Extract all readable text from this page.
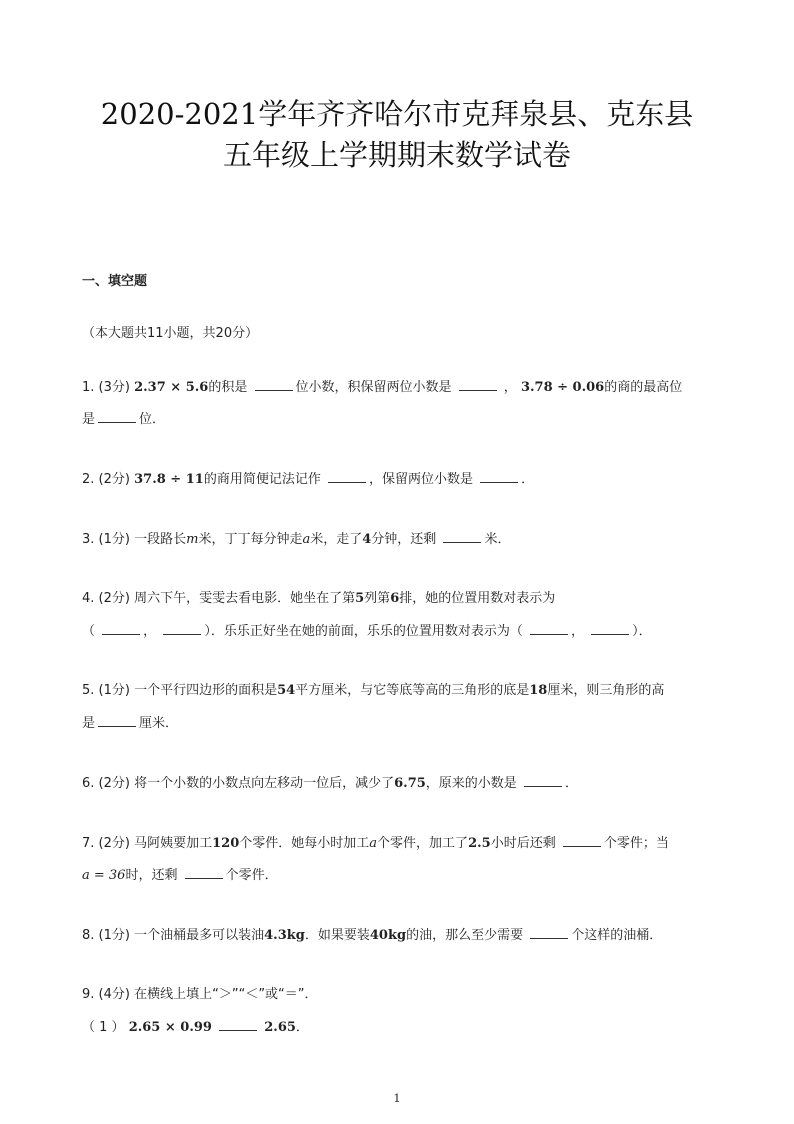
2020-2021学年齐齐哈尔市克拜泉县、克东县
五年级上学期期末数学试卷
一、填空题
（本大题共11小题，共20分）
1. (3分) 2.37 × 5.6的积是	位小数，积保留两位小数是	， 3.78 ÷ 0.06的商的最高位
是	位．
2. (2分) 37.8 ÷ 11的商用简便记法记作	，保留两位小数是	．
3. (1分) 一段路长m米，丁丁每分钟走a米，走了4分钟，还剩	米．
4. (2分) 周六下午，雯雯去看电影．她坐在了第5列第6排，她的位置用数对表示为
（	，	）．乐乐正好坐在她的前面，乐乐的位置用数对表示为（	，	）．
5. (1分) 一个平行四边形的面积是54平方厘米，与它等底等高的三角形的底是18厘米，则三角形的高
是	厘米．
6. (2分) 将一个小数的小数点向左移动一位后，减少了6.75，原来的小数是	．
7. (2分) 马阿姨要加工120个零件．她每小时加工a个零件，加工了2.5小时后还剩	个零件；当
a = 36时，还剩	个零件．
8. (1分) 一个油桶最多可以装油4.3kg．如果要装40kg的油，那么至少需要	个这样的油桶．
9. (4分) 在横线上填上“＞”“＜”或“＝”．
（ 1 ） 2.65 × 0.99	2.65．
1
